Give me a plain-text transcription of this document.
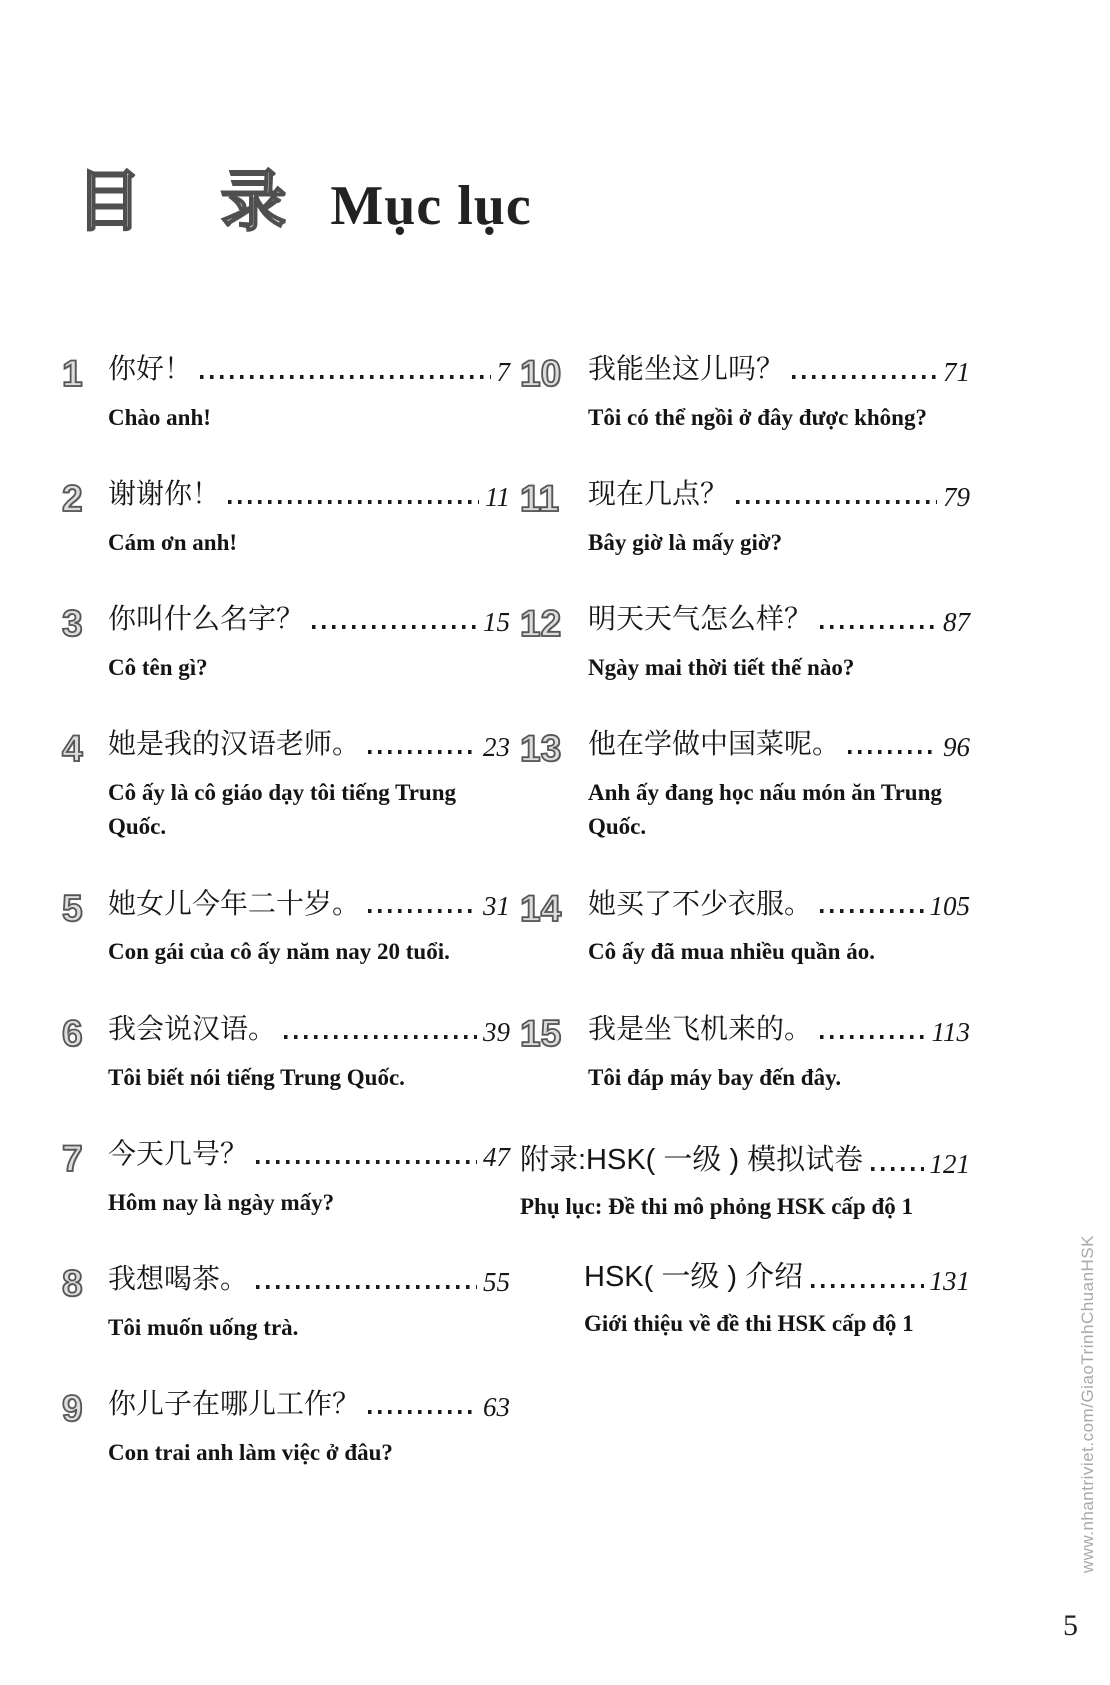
目 录 Mục lục
1 你好！	7
Chào anh!
2 谢谢你！	11
Cám ơn anh!
3 你叫什么名字？	15
Cô tên gì?
4 她是我的汉语老师。	23
Cô ấy là cô giáo dạy tôi tiếng Trung Quốc.
5 她女儿今年二十岁。	31
Con gái của cô ấy năm nay 20 tuổi.
6 我会说汉语。	39
Tôi biết nói tiếng Trung Quốc.
7 今天几号？	47
Hôm nay là ngày mấy?
8 我想喝茶。	55
Tôi muốn uống trà.
9 你儿子在哪儿工作？	63
Con trai anh làm việc ở đâu?
10 我能坐这儿吗？	71
Tôi có thể ngồi ở đây được không?
11	现在几点？	79
Bây giờ là mấy giờ?
12 明天天气怎么样？	87
Ngày mai thời tiết thế nào?
13 他在学做中国菜呢。	96
Anh ấy đang học nấu món ăn Trung Quốc.
14 她买了不少衣服。	105
Cô ấy đã mua nhiều quần áo.
15 我是坐飞机来的。	113
Tôi đáp máy bay đến đây.
附录:HSK( 一级 ) 模拟试卷 121
Phụ lục: Đề thi mô phỏng HSK cấp độ 1
HSK( 一级 ) 介绍	131
Giới thiệu về đề thi HSK cấp độ 1	www.nhantriviet.com/GiaoTrinhChuanHSK
5
